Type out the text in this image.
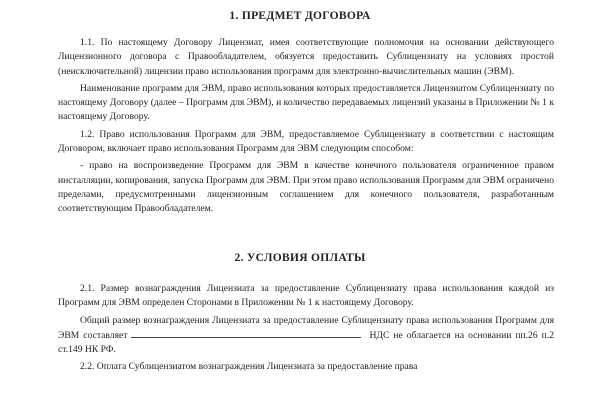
1. ПРЕДМЕТ ДОГОВОРА

1.1. По настоящему Договору Лицензиат, имея соответствующие полномочия на основании действующего Лицензионного договора с Правообладателем, обязуется предоставить Сублицензиату на условиях простой (неисключительной) лицензии право использования программ для электронно-вычислительных машин (ЭВМ).

Наименование программ для ЭВМ, право использования которых предоставляется Лицензиатом Сублицензиату по настоящему Договору (далее – Программ для ЭВМ), и количество передаваемых лицензий указаны в Приложении № 1 к настоящему Договору.

1.2. Право использования Программ для ЭВМ, предоставляемое Сублицензиату в соответствии с настоящим Договором, включает право использования Программ для ЭВМ следующим способом:

- право на воспроизведение Программ для ЭВМ в качестве конечного пользователя ограниченное правом инсталляции, копирования, запуска Программ для ЭВМ. При этом право использования Программ для ЭВМ ограничено пределами, предусмотренными лицензионным соглашением для конечного пользователя, разработанным соответствующим Правообладателем.

2. УСЛОВИЯ ОПЛАТЫ

2.1. Размер вознаграждения Лицензиата за предоставление Сублицензиату права использования каждой из Программ для ЭВМ определен Сторонами в Приложении № 1 к настоящему Договору.

Общий размер вознаграждения Лицензиата за предоставление Сублицензиату права использования Программ для ЭВМ составляет	НДС не облагается на основании пп.26 п.2 ст.149 НК РФ.

2.2. Оплата Сублицензиатом вознаграждения Лицензиата за предоставление права
